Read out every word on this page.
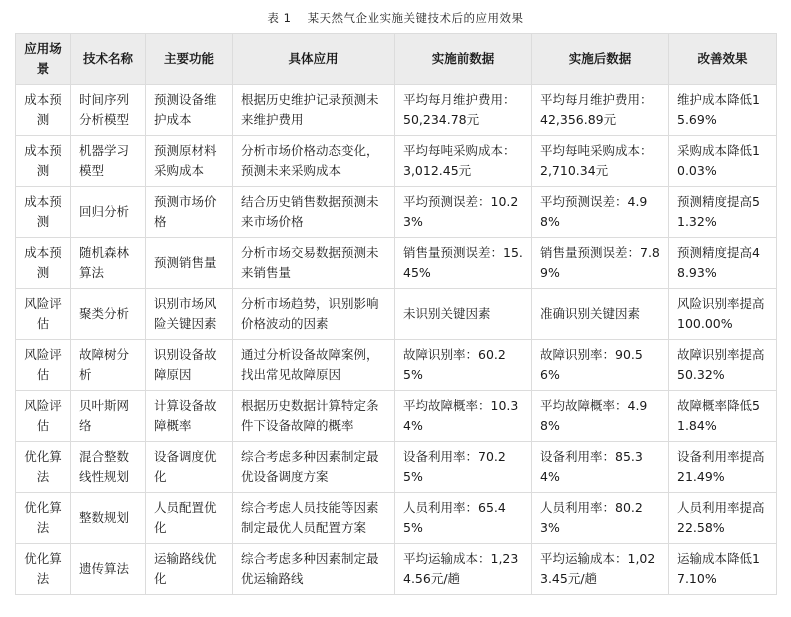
表 1 某天然气企业实施关键技术后的应用效果
应用场景	技术名称	主要功能	具体应用	实施前数据	实施后数据	改善效果
成本预测	时间序列分析模型	预测设备维护成本	根据历史维护记录预测未来维护费用	平均每月维护费用：50,234.78元	平均每月维护费用：42,356.89元	维护成本降低15.69%
成本预测	机器学习模型	预测原材料采购成本	分析市场价格动态变化，预测未来采购成本	平均每吨采购成本：3,012.45元	平均每吨采购成本：2,710.34元	采购成本降低10.03%
成本预测	回归分析	预测市场价格	结合历史销售数据预测未来市场价格	平均预测误差：10.23%	平均预测误差：4.98%	预测精度提高51.32%
成本预测	随机森林算法	预测销售量	分析市场交易数据预测未来销售量	销售量预测误差：15.45%	销售量预测误差：7.89%	预测精度提高48.93%
风险评估	聚类分析	识别市场风险关键因素	分析市场趋势，识别影响价格波动的因素	未识别关键因素	准确识别关键因素	风险识别率提高100.00%
风险评估	故障树分析	识别设备故障原因	通过分析设备故障案例，找出常见故障原因	故障识别率：60.25%	故障识别率：90.56%	故障识别率提高50.32%
风险评估	贝叶斯网络	计算设备故障概率	根据历史数据计算特定条件下设备故障的概率	平均故障概率：10.34%	平均故障概率：4.98%	故障概率降低51.84%
优化算法	混合整数线性规划	设备调度优化	综合考虑多种因素制定最优设备调度方案	设备利用率：70.25%	设备利用率：85.34%	设备利用率提高21.49%
优化算法	整数规划	人员配置优化	综合考虑人员技能等因素制定最优人员配置方案	人员利用率：65.45%	人员利用率：80.23%	人员利用率提高22.58%
优化算法	遗传算法	运输路线优化	综合考虑多种因素制定最优运输路线	平均运输成本：1,234.56元/趟	平均运输成本：1,023.45元/趟	运输成本降低17.10%
